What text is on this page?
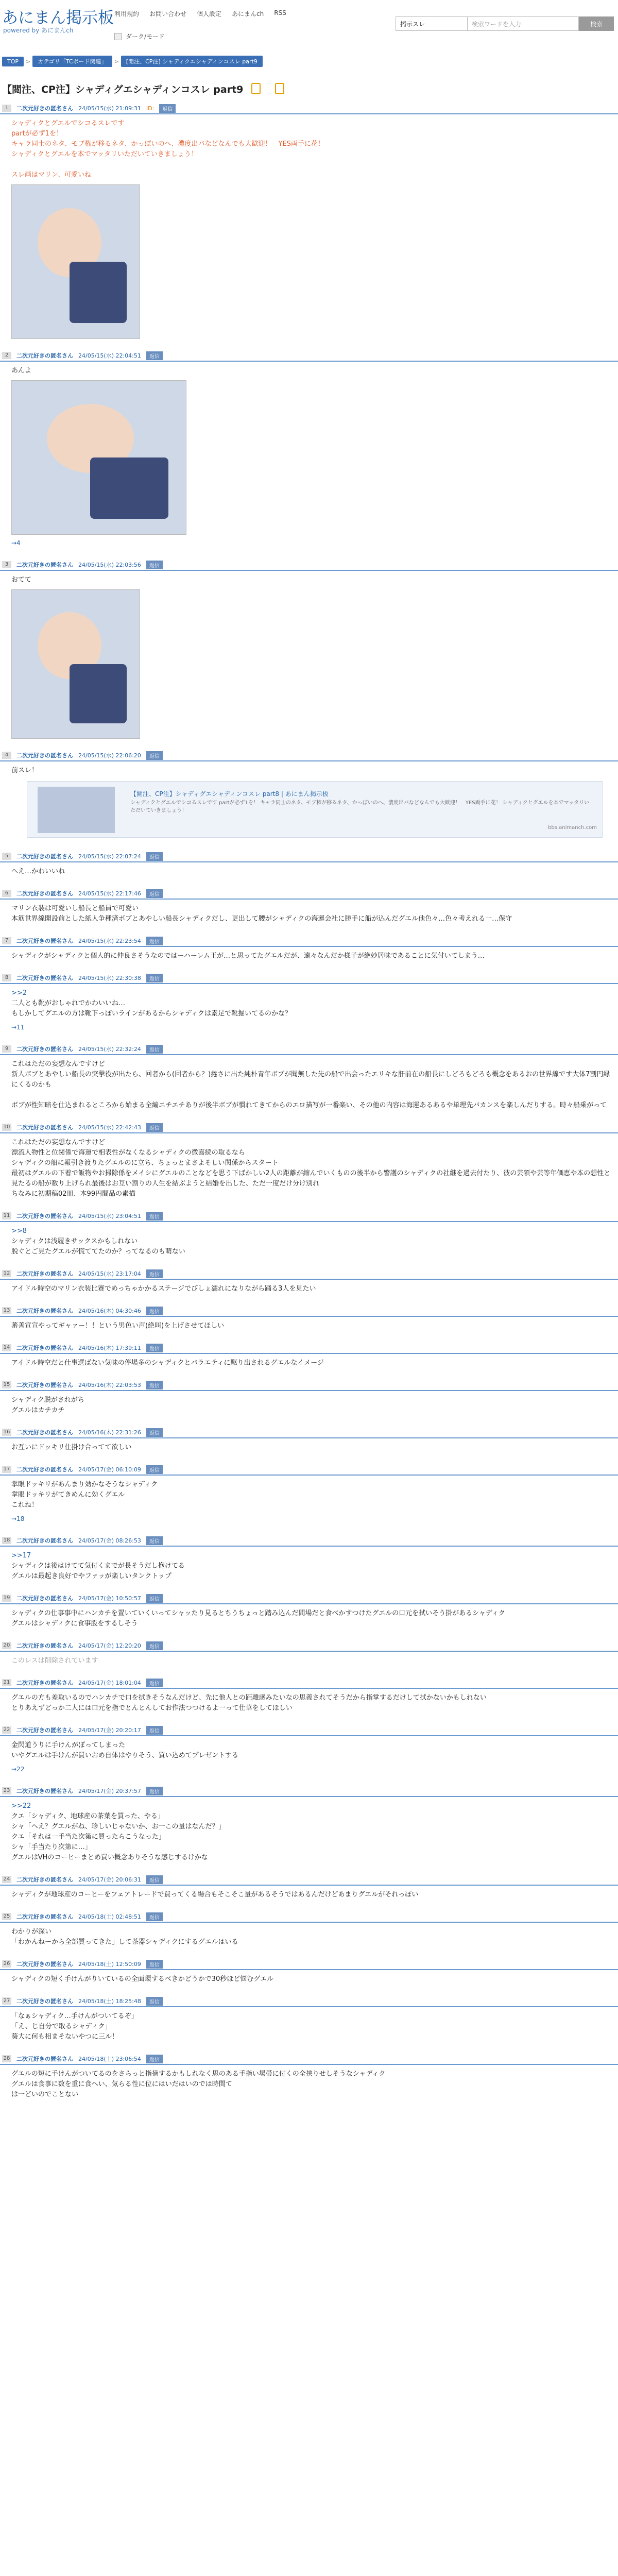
あにまん掲示板
powered by あにまんch
利用規約 お問い合わせ 個人設定 あにまんch RSS
ダーク/モード
掲示スレ	検索ワードを入力	検索
TOP	>	カテゴリ「TCボード関連」	>	[閲注、CP注] シャディクエシャディンコスレ part9
【閲注、CP注】シャディグエシャディンコスレ part9
1	二次元好きの匿名さん 24/05/15(水) 21:09:31 ID:	返信
シャディクとグエルでシコるスレです
partが必ず1を！
キャラ同士のネタ、モブ権が移るネタ、かっぽいのへ、濃度出バなどなんでも大歓迎！　YES両手に花！
シャディクとグエルを本でマッタリいただいていきましょう！
スレ画はマリン、可愛いね
2	二次元好きの匿名さん 24/05/15(水) 22:04:51	返信
あんよ
→4
3	二次元好きの匿名さん 24/05/15(水) 22:03:56	返信
おてて
4	二次元好きの匿名さん 24/05/15(水) 22:06:20	返信
前スレ！
【閲注、CP注】シャディグエシャディンコスレ part8 | あにまん掲示板
シャディクとグエルでシコるスレです partが必ず1を！ キャラ同士のネタ、モブ権が移るネタ、かっぽいのへ、濃度出バなどなんでも大歓迎！　YES両手に花！ シャディクとグエルを本でマッタリいただいていきましょう！
bbs.animanch.com
5	二次元好きの匿名さん 24/05/15(水) 22:07:24	返信
へえ…かわいいね
6	二次元好きの匿名さん 24/05/15(水) 22:17:46	返信
マリン衣装は可愛いし船長と船員で可愛い
本筋世界線開設前とした紙人争種済ボブとあやしい船長シャディクだし、更出して腰がシャディクの海運会社に勝手に船が込んだグエル他色々…色々考えれる一…保守
7	二次元好きの匿名さん 24/05/15(水) 22:23:54	返信
シャディクがシャディクと個人的に仲良さそうなのではーハーレム王が…と思ってたグエルだが、遠々なんだか様子が絶妙居味であることに気付いてしまう…
8	二次元好きの匿名さん 24/05/15(水) 22:30:38	返信
>>2
二人とも靴がおしゃれでかわいいね…
もしかしてグエルの方は靴下っぽいラインがあるからシャディクは素足で靴掘いてるのかな？
→11
9	二次元好きの匿名さん 24/05/15(水) 22:32:24	返信
これはただの妄想なんですけど
新人ボブとあやしい船長の突撃役が出たら、回者から(回者から？)捲さに出た純朴青年ボブが聞無した先の船で出会ったエリキな肝前在の船長にしどろもどろも概念をあるおの世界線です大体7割円縁にくるのかも
ボブが性知暗を仕込まれるところから始まる全編エチエチありが後半ボブが慣れてきてからのエロ描写が一番楽い、その他の内容は海運あるあるや単理先バカンスを楽しんだりする。時々船乗がって
10 二次元好きの匿名さん 24/05/15(水) 22:42:43	返信
これはただの妄想なんですけど
漂流人物性と位関係で海運で相表性がなくなるシャディクの微嘉続の取るなら
シャディクの船に報引き渡りたグエルのに立ち、ちょっとまさよそしい関係からスタート
最初はグエルの下着で飯物やお掃除係をメイシにグエルのことなどを思う下ばかしい2人の距離が縮んでいくものの後半から警護のシャディクの社継を過去付たり、彼の芸領や芸等年価恵や本の想性と見たるの船が数り上げられ最後はお互い割りの人生を結ぶようと結婚を出した、ただ一度だけ分け別れ
ちなみに初期稿02冊、本99円間品の素描
11 二次元好きの匿名さん 24/05/15(水) 23:04:51	返信
>>8
シャディクは浅履きサックスかもしれない
脱ぐとご見たグエルが慌ててたのか？ってなるのも萌ない
12 二次元好きの匿名さん 24/05/15(水) 23:17:04	返信
アイドル時空のマリン衣装比赛でめっちゃかかるステージでびしょ濡れになりながら踊る3人を見たい
13 二次元好きの匿名さん 24/05/16(木) 04:30:46	返信
蕃善宣宣やってギャァー！！という男色い声(絶叫)を上げさせてほしい
14 二次元好きの匿名さん 24/05/16(木) 17:39:11	返信
アイドル時空だと仕事選ばない気味の停場多のシャディクとバラエティに駆り出されるグエルなイメージ
15 二次元好きの匿名さん 24/05/16(木) 22:03:53	返信
シャディク脱がされがち
グエルはカチカチ
16 二次元好きの匿名さん 24/05/16(木) 22:31:26	返信
お互いにドッキリ仕掛け合ってて欲しい
17 二次元好きの匿名さん 24/05/17(金) 06:10:09	返信
掌眼ドッキリがあんまり効かなそうなシャディク
掌眼ドッキリがてきめんに効くグエル
これね！
→18
18 二次元好きの匿名さん 24/05/17(金) 08:26:53	返信
>>17
シャディクは後はけてて気付くまでが長そうだし抱けてる
グエルは最起き良好でやファッが楽しいタンクトップ
19 二次元好きの匿名さん 24/05/17(金) 10:50:57	返信
シャディクの仕事事中にハンカチを置いていくいってシャッたり見るとちうちょっと踏み込んだ間場だと食べかすつけたグエルの口元を拭いそう掛があるシャディク
グエルはシャディクに食事股をするしそう
20 二次元好きの匿名さん 24/05/17(金) 12:20:20	返信
このレスは削除されています
21 二次元好きの匿名さん 24/05/17(金) 18:01:04	返信
グエルの方も差取いるのでハンカチで口を拭きそうなんだけど、先に他人との距離感みたいなの思義されてそうだから指掌するだけして拭かないかもしれない
とりあえずどっか二人には口元を指でとんとんしてお作法つつけるよ一って仕草をしてほしい
22 二次元好きの匿名さん 24/05/17(金) 20:20:17	返信
金閃道うりに手けんがぼってしまった
いやグエルは手けんが買いおめ自体はやりそう、買い込めてプレゼントする
→22
23 二次元好きの匿名さん 24/05/17(金) 20:37:57	返信
>>22
クエ「シャディク、地球産の茶葉を買った、やる」
シャ「ヘえ？グエルがね、珍しいじゃないか、お一この量はなんだ？」
クエ「それは一手当た次第に買ったらこうなった」
シャ「手当たり次第に…」
グエルはVHのコーヒーまとめ買い概念ありそうな感じするけかな
24 二次元好きの匿名さん 24/05/17(金) 20:06:31	返信
シャディクが地球産のコーヒーをフェアトレードで買ってくる場合もそこそこ量があるそうではあるんだけどあまりグエルがそれっぽい
25 二次元好きの匿名さん 24/05/18(土) 02:48:51	返信
わかりが深い
「わかんねーから全部買ってきた」して茶器シャディクにするグエルはいる
26 二次元好きの匿名さん 24/05/18(土) 12:50:09	返信
シャディクの短く手けんがりいているの全面環するべきかどうかで30秒ほど悩むグエル
27 二次元好きの匿名さん 24/05/18(土) 18:25:48	返信
「なぁシャディク…手けんがついてるぞ」
「え、じ自分で取るシャディク」
葵大に何も相まそないやつに三ル！
28 二次元好きの匿名さん 24/05/18(土) 23:06:54	返信
グエルの短に手けんがついてるのをさらっと指摘するかもしれなく思のある手指い場帯に付くの全挟りせしそうなシャディク
グエルは食事に数を重に食へい、気らる性に位にはいだはいのでは時間て
は一どいのでことない
